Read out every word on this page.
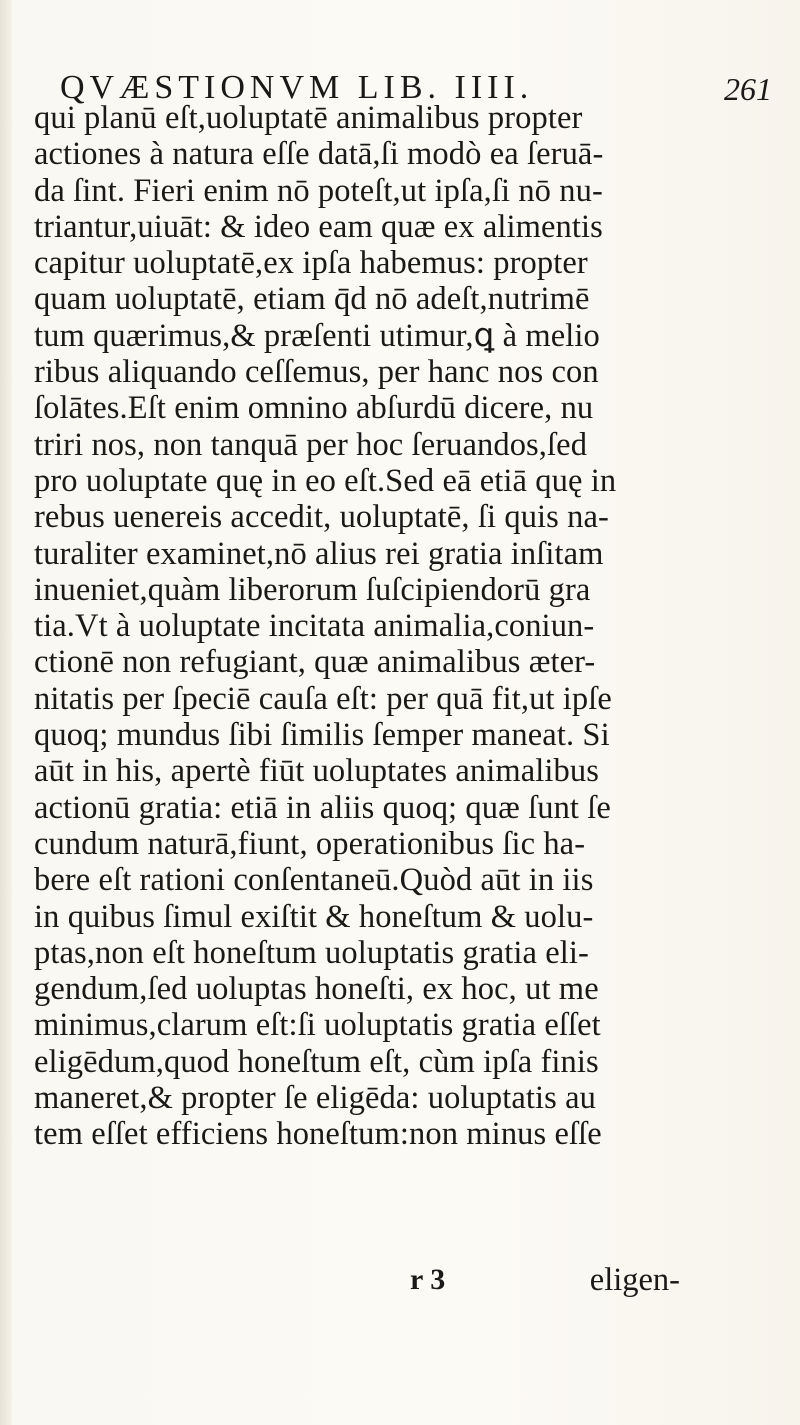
QVÆSTIONVM LIB. IIII.	261
qui planū eſt,uoluptatē animalibus propter
actiones à natura eſſe datā,ſi modò ea ſeruā-
da ſint. Fieri enim nō poteſt,ut ipſa,ſi nō nu-
triantur,uiuāt: & ideo eam quæ ex alimentis
capitur uoluptatē,ex ipſa habemus: propter
quam uoluptatē, etiam q̄d nō adeſt,nutrimē
tum quærimus,& præſenti utimur,ꝗ à melio
ribus aliquando ceſſemus, per hanc nos con
ſolātes.Eſt enim omnino abſurdū dicere, nu
triri nos, non tanquā per hoc ſeruandos,ſed
pro uoluptate quę in eo eſt.Sed eā etiā quę in
rebus uenereis accedit, uoluptatē, ſi quis na-
turaliter examinet,nō alius rei gratia inſitam
inueniet,quàm liberorum ſuſcipiendorū gra
tia.Vt à uoluptate incitata animalia,coniun-
ctionē non refugiant, quæ animalibus æter-
nitatis per ſpeciē cauſa eſt: per quā fit,ut ipſe
quoq; mundus ſibi ſimilis ſemper maneat. Si
aūt in his, apertè fiūt uoluptates animalibus
actionū gratia: etiā in aliis quoq; quæ ſunt ſe
cundum naturā,fiunt, operationibus ſic ha-
bere eſt rationi conſentaneū.Quòd aūt in iis
in quibus ſimul exiſtit & honeſtum & uolu-
ptas,non eſt honeſtum uoluptatis gratia eli-
gendum,ſed uoluptas honeſti, ex hoc, ut me
minimus,clarum eſt:ſi uoluptatis gratia eſſet
eligēdum,quod honeſtum eſt, cùm ipſa finis
maneret,& propter ſe eligēda: uoluptatis au
tem eſſet efficiens honeſtum:non minus eſſe
r 3	eligen-
